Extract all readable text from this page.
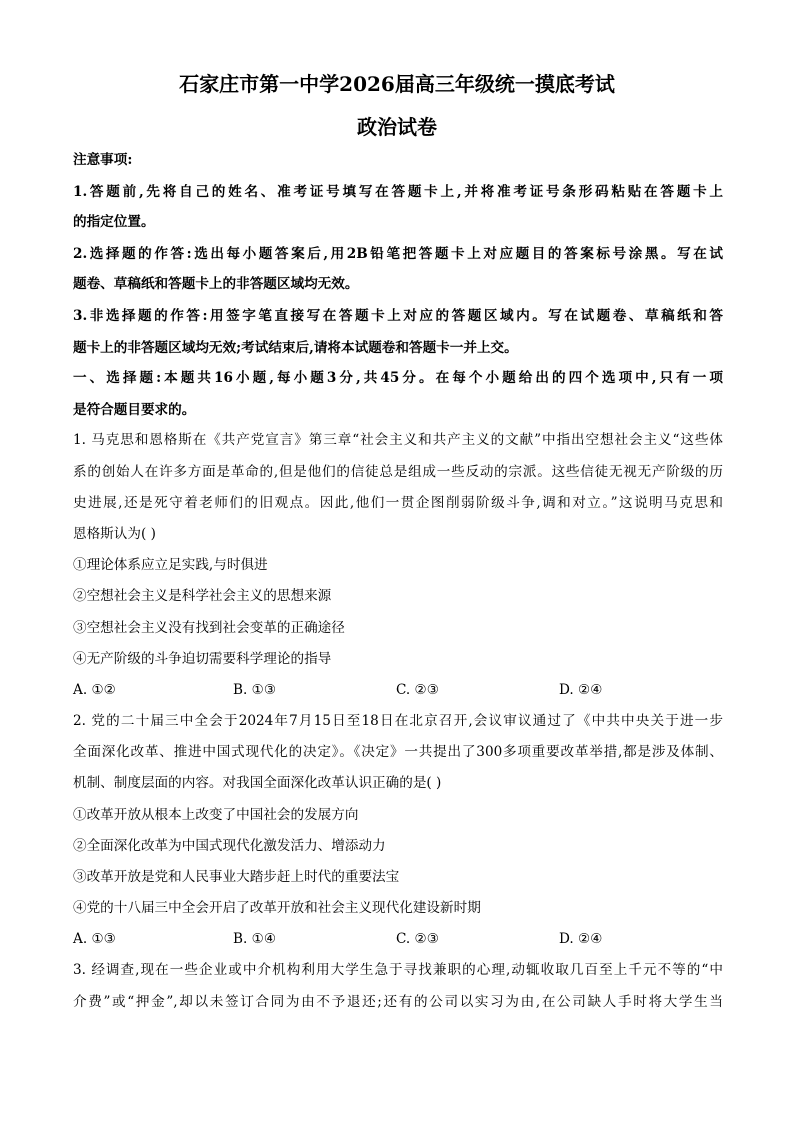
石家庄市第一中学2026届高三年级统一摸底考试
政治试卷
注意事项:
1.答题前,先将自己的姓名、准考证号填写在答题卡上,并将准考证号条形码粘贴在答题卡上
的指定位置。
2.选择题的作答:选出每小题答案后,用2B铅笔把答题卡上对应题目的答案标号涂黑。写在试
题卷、草稿纸和答题卡上的非答题区域均无效。
3.非选择题的作答:用签字笔直接写在答题卡上对应的答题区域内。写在试题卷、草稿纸和答
题卡上的非答题区域均无效;考试结束后,请将本试题卷和答题卡一并上交。
一、选择题:本题共16小题,每小题3分,共45分。在每个小题给出的四个选项中,只有一项
是符合题目要求的。
1. 马克思和恩格斯在《共产党宣言》第三章“社会主义和共产主义的文献”中指出空想社会主义“这些体
系的创始人在许多方面是革命的,但是他们的信徒总是组成一些反动的宗派。这些信徒无视无产阶级的历
史进展,还是死守着老师们的旧观点。因此,他们一贯企图削弱阶级斗争,调和对立。”这说明马克思和
恩格斯认为( )
①理论体系应立足实践,与时俱进
②空想社会主义是科学社会主义的思想来源
③空想社会主义没有找到社会变革的正确途径
④无产阶级的斗争迫切需要科学理论的指导
A. ①②	B. ①③	C. ②③	D. ②④
2. 党的二十届三中全会于2024年7月15日至18日在北京召开,会议审议通过了《中共中央关于进一步
全面深化改革、推进中国式现代化的决定》。《决定》一共提出了300多项重要改革举措,都是涉及体制、
机制、制度层面的内容。对我国全面深化改革认识正确的是( )
①改革开放从根本上改变了中国社会的发展方向
②全面深化改革为中国式现代化激发活力、增添动力
③改革开放是党和人民事业大踏步赶上时代的重要法宝
④党的十八届三中全会开启了改革开放和社会主义现代化建设新时期
A. ①③	B. ①④	C. ②③	D. ②④
3. 经调查,现在一些企业或中介机构利用大学生急于寻找兼职的心理,动辄收取几百至上千元不等的“中
介费”或“押金”,却以未签订合同为由不予退还;还有的公司以实习为由,在公司缺人手时将大学生当
